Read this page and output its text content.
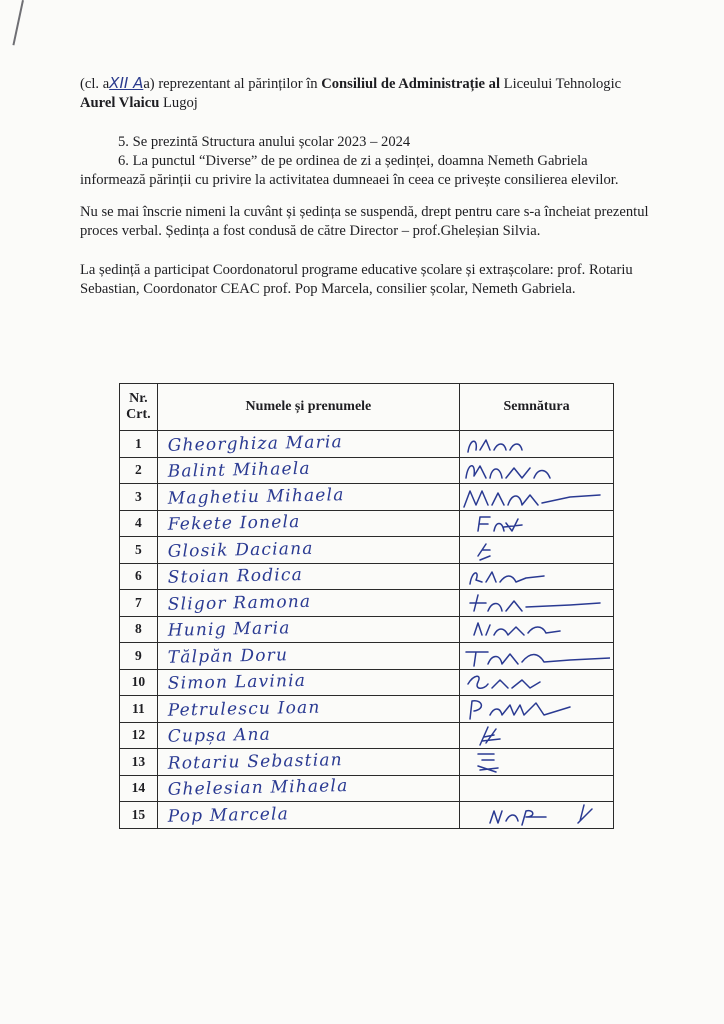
(cl. aXII Aa) reprezentant al părinților în Consiliul de Administrație al Liceului Tehnologic
Aurel Vlaicu Lugoj
5. Se prezintă Structura anului școlar 2023 – 2024
6. La punctul “Diverse” de pe ordinea de zi a ședinței, doamna Nemeth Gabriela
informează părinții cu privire la activitatea dumneaei în ceea ce privește consilierea elevilor.
Nu se mai înscrie nimeni la cuvânt și ședința se suspendă, drept pentru care s-a încheiat prezentul
proces verbal. Ședința a fost condusă de către Director – prof.Gheleșian Silvia.
La ședință a participat Coordonatorul programe educative școlare și extrașcolare: prof. Rotariu
Sebastian, Coordonator CEAC prof. Pop Marcela, consilier școlar, Nemeth Gabriela.
Nr.
Crt.	Numele și prenumele	Semnătura
1	Gheorghiza Maria

2	Balint Mihaela

3	Maghetiu Mihaela

4	Fekete Ionela

5	Glosik Daciana

6	Stoian Rodica

7	Sligor Ramona

8	Hunig Maria

9	Tălpăn Doru

10	Simon Lavinia

11	Petrulescu Ioan

12	Cupșa Ana

13	Rotariu Sebastian

14	Ghelesian Mihaela

15	Pop Marcela
